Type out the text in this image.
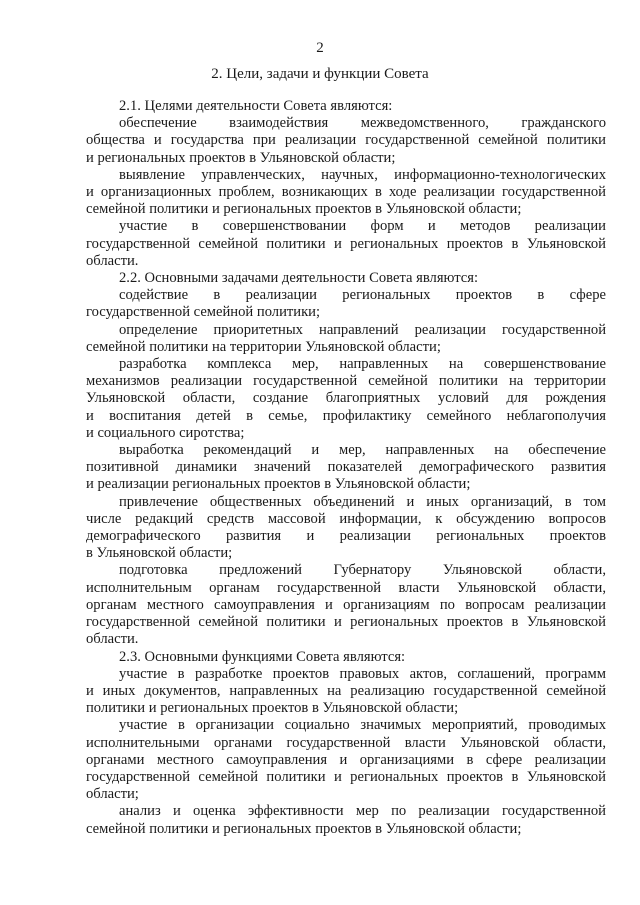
2
2. Цели, задачи и функции Совета
2.1. Целями деятельности Совета являются:
обеспечение взаимодействия межведомственного, гражданского
общества и государства при реализации государственной семейной политики
и региональных проектов в Ульяновской области;
выявление управленческих, научных, информационно-технологических
и организационных проблем, возникающих в ходе реализации государственной
семейной политики и региональных проектов в Ульяновской области;
участие в совершенствовании форм и методов реализации
государственной семейной политики и региональных проектов в Ульяновской
области.
2.2. Основными задачами деятельности Совета являются:
содействие в реализации региональных проектов в сфере
государственной семейной политики;
определение приоритетных направлений реализации государственной
семейной политики на территории Ульяновской области;
разработка комплекса мер, направленных на совершенствование
механизмов реализации государственной семейной политики на территории
Ульяновской области, создание благоприятных условий для рождения
и воспитания детей в семье, профилактику семейного неблагополучия
и социального сиротства;
выработка рекомендаций и мер, направленных на обеспечение
позитивной динамики значений показателей демографического развития
и реализации региональных проектов в Ульяновской области;
привлечение общественных объединений и иных организаций, в том
числе редакций средств массовой информации, к обсуждению вопросов
демографического развития и реализации региональных проектов
в Ульяновской области;
подготовка предложений Губернатору Ульяновской области,
исполнительным органам государственной власти Ульяновской области,
органам местного самоуправления и организациям по вопросам реализации
государственной семейной политики и региональных проектов в Ульяновской
области.
2.3. Основными функциями Совета являются:
участие в разработке проектов правовых актов, соглашений, программ
и иных документов, направленных на реализацию государственной семейной
политики и региональных проектов в Ульяновской области;
участие в организации социально значимых мероприятий, проводимых
исполнительными органами государственной власти Ульяновской области,
органами местного самоуправления и организациями в сфере реализации
государственной семейной политики и региональных проектов в Ульяновской
области;
анализ и оценка эффективности мер по реализации государственной
семейной политики и региональных проектов в Ульяновской области;
